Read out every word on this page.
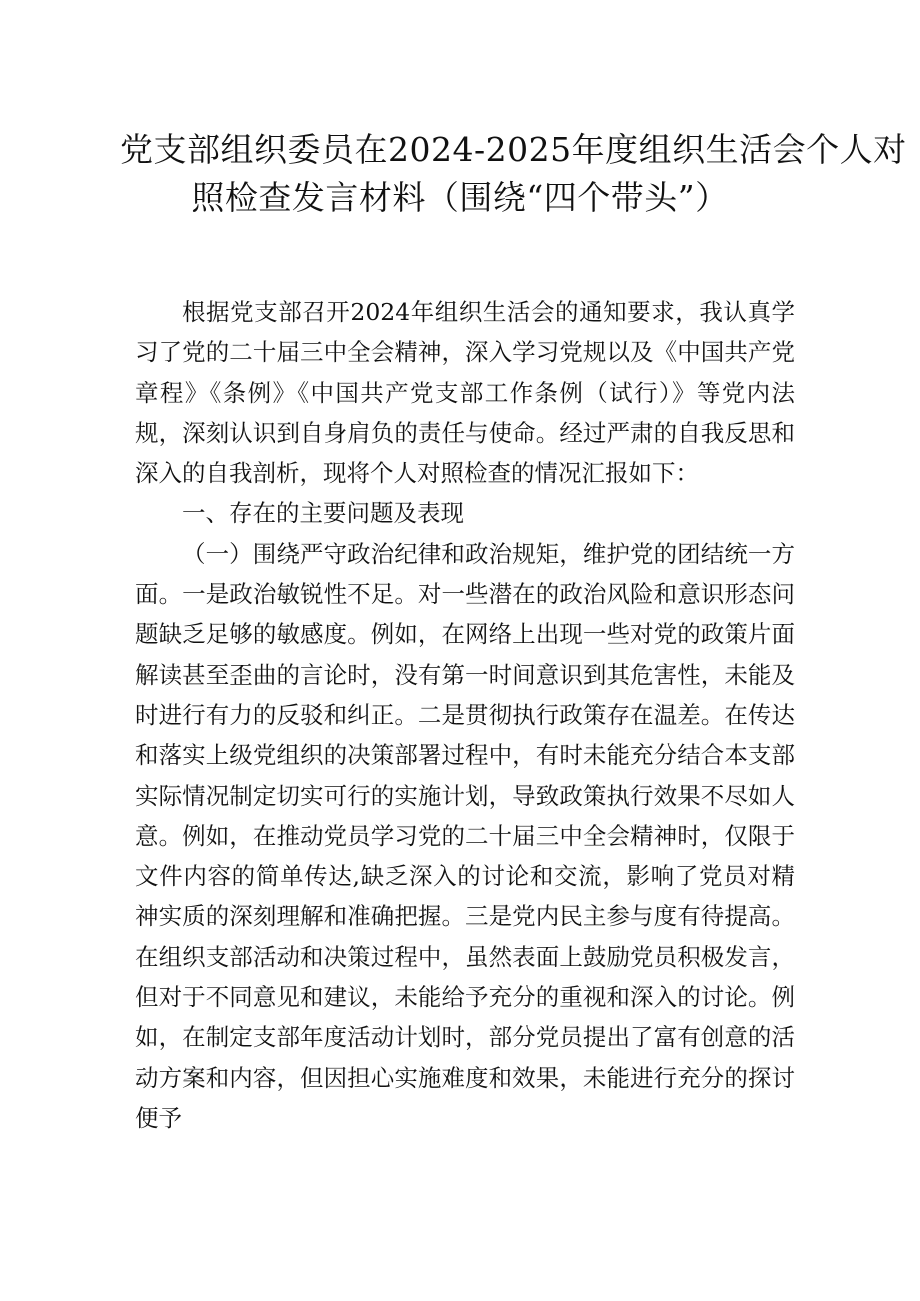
党支部组织委员在2024-2025年度组织生活会个人对
照检查发言材料（围绕“四个带头”）

根据党支部召开2024年组织生活会的通知要求，我认真学习了党的二十届三中全会精神，深入学习党规以及《中国共产党章程》《条例》《中国共产党支部工作条例（试行）》等党内法规，深刻认识到自身肩负的责任与使命。经过严肃的自我反思和深入的自我剖析，现将个人对照检查的情况汇报如下：

一、存在的主要问题及表现

（一）围绕严守政治纪律和政治规矩，维护党的团结统一方面。一是政治敏锐性不足。对一些潜在的政治风险和意识形态问题缺乏足够的敏感度。例如，在网络上出现一些对党的政策片面解读甚至歪曲的言论时，没有第一时间意识到其危害性，未能及时进行有力的反驳和纠正。二是贯彻执行政策存在温差。在传达和落实上级党组织的决策部署过程中，有时未能充分结合本支部实际情况制定切实可行的实施计划，导致政策执行效果不尽如人意。例如，在推动党员学习党的二十届三中全会精神时，仅限于文件内容的简单传达,缺乏深入的讨论和交流，影响了党员对精神实质的深刻理解和准确把握。三是党内民主参与度有待提高。在组织支部活动和决策过程中，虽然表面上鼓励党员积极发言，但对于不同意见和建议，未能给予充分的重视和深入的讨论。例如，在制定支部年度活动计划时，部分党员提出了富有创意的活动方案和内容，但因担心实施难度和效果，未能进行充分的探讨便予
